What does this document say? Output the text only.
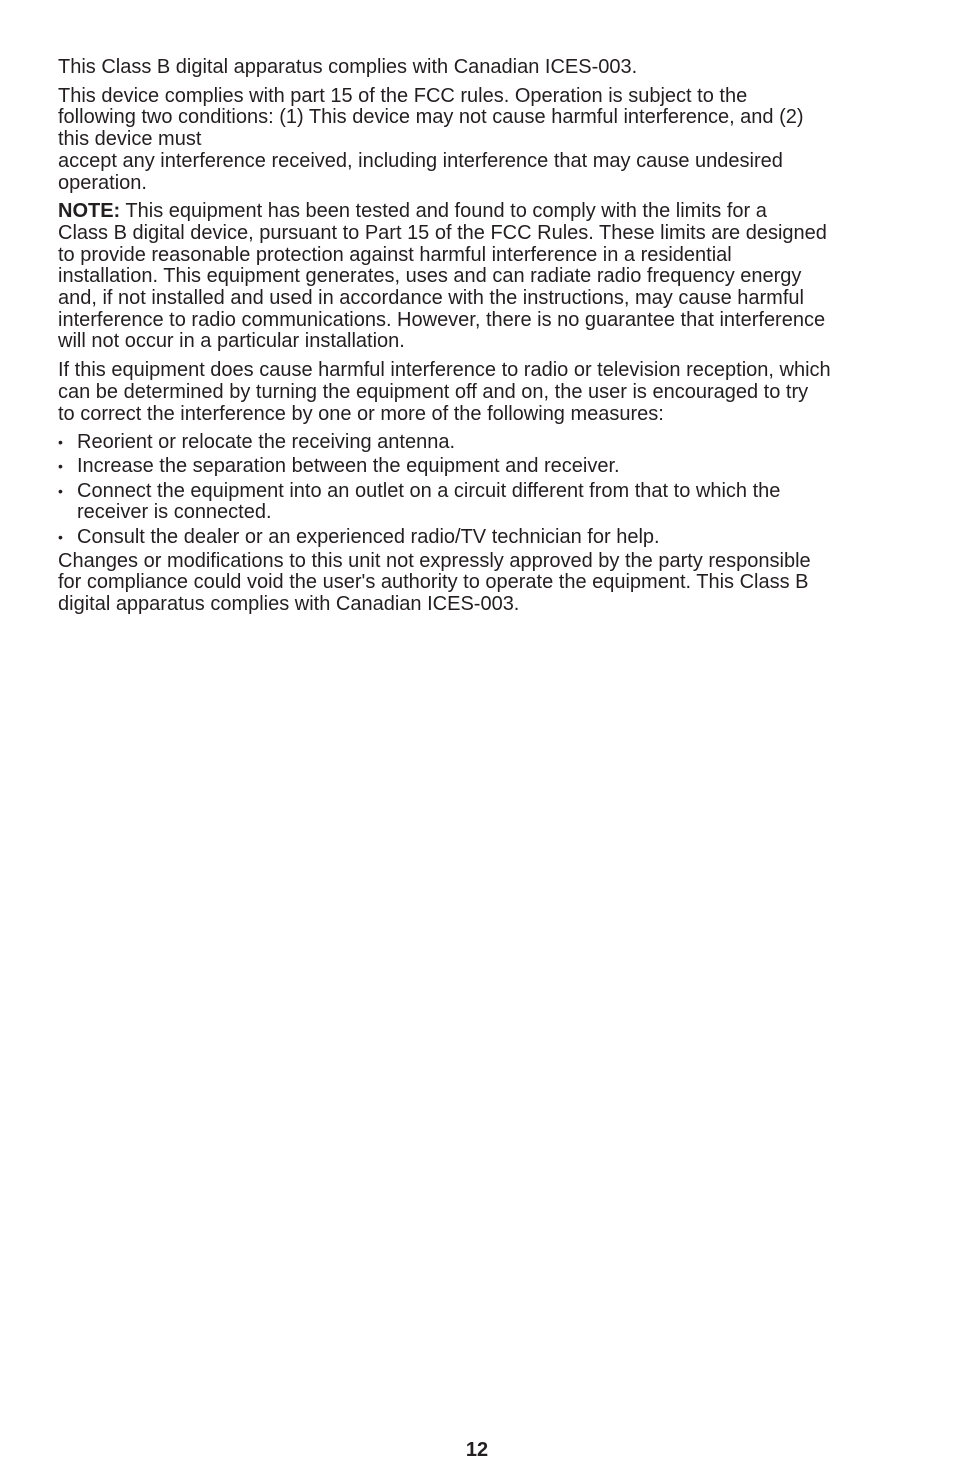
This Class B digital apparatus complies with Canadian ICES-003.

This device complies with part 15 of the FCC rules. Operation is subject to the
following two conditions: (1) This device may not cause harmful interference, and (2)
this device must
accept any interference received, including interference that may cause undesired
operation.

NOTE: This equipment has been tested and found to comply with the limits for a
Class B digital device, pursuant to Part 15 of the FCC Rules. These limits are designed
to provide reasonable protection against harmful interference in a residential
installation. This equipment generates, uses and can radiate radio frequency energy
and, if not installed and used in accordance with the instructions, may cause harmful
interference to radio communications. However, there is no guarantee that interference
will not occur in a particular installation.

If this equipment does cause harmful interference to radio or television reception, which
can be determined by turning the equipment off and on, the user is encouraged to try
to correct the interference by one or more of the following measures:

• Reorient or relocate the receiving antenna.
• Increase the separation between the equipment and receiver.
• Connect the equipment into an outlet on a circuit different from that to which the
receiver is connected.
• Consult the dealer or an experienced radio/TV technician for help.

Changes or modifications to this unit not expressly approved by the party responsible
for compliance could void the user's authority to operate the equipment. This Class B
digital apparatus complies with Canadian ICES-003.

12
